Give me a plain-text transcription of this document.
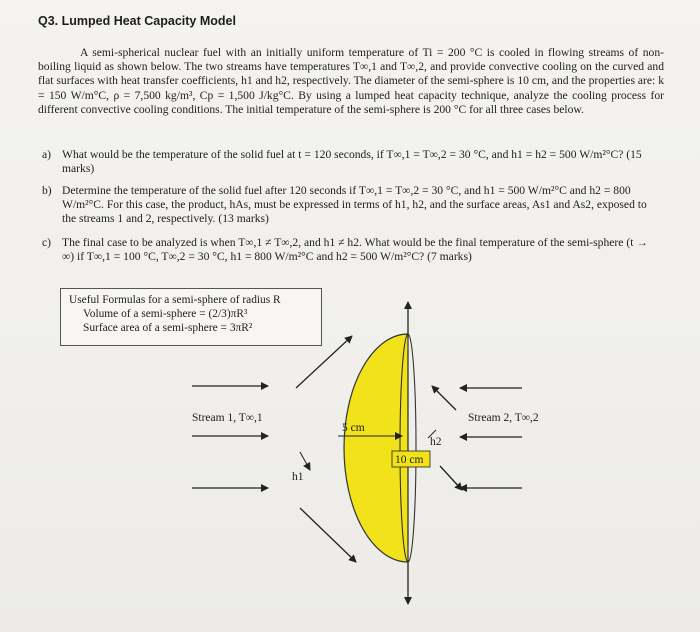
Q3. Lumped Heat Capacity Model
A semi-spherical nuclear fuel with an initially uniform temperature of Ti = 200 °C is cooled in flowing streams of non-boiling liquid as shown below. The two streams have temperatures T∞,1 and T∞,2, and provide convective cooling on the curved and flat surfaces with heat transfer coefficients, h1 and h2, respectively. The diameter of the semi-sphere is 10 cm, and the properties are: k = 150 W/m°C, ρ = 7,500 kg/m³, Cp = 1,500 J/kg°C. By using a lumped heat capacity technique, analyze the cooling process for different convective cooling conditions. The initial temperature of the semi-sphere is 200 °C for all three cases below.
a) What would be the temperature of the solid fuel at t = 120 seconds, if T∞,1 = T∞,2 = 30 °C, and h1 = h2 = 500 W/m²°C? (15 marks)
b) Determine the temperature of the solid fuel after 120 seconds if T∞,1 = T∞,2 = 30 °C, and h1 = 500 W/m²°C and h2 = 800 W/m²°C. For this case, the product, hAs, must be expressed in terms of h1, h2, and the surface areas, As1 and As2, exposed to the streams 1 and 2, respectively. (13 marks)
c) The final case to be analyzed is when T∞,1 ≠ T∞,2, and h1 ≠ h2. What would be the final temperature of the semi-sphere (t → ∞) if T∞,1 = 100 °C, T∞,2 = 30 °C, h1 = 800 W/m²°C and h2 = 500 W/m²°C? (7 marks)
Useful Formulas for a semi-sphere of radius R
Volume of a semi-sphere = (2/3)πR³
Surface area of a semi-sphere = 3πR²
h1
h2
5 cm
10 cm
Stream 1, T∞,1	Stream 2, T∞,2
